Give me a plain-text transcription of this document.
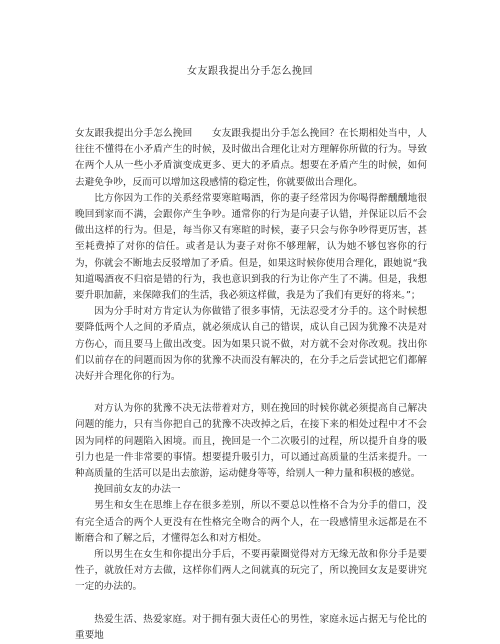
女友跟我提出分手怎么挽回

女友跟我提出分手怎么挽回　　女友跟我提出分手怎么挽回？在长期相处当中，人往往不懂得在小矛盾产生的时候，及时做出合理化让对方理解你所做的行为。导致在两个人从一些小矛盾演变成更多、更大的矛盾点。想要在矛盾产生的时候，如何去避免争吵，反而可以增加这段感情的稳定性，你就要做出合理化。

比方你因为工作的关系经常要寒暄喝酒，你的妻子经常因为你喝得醉醺醺地很晚回到家而不满，会跟你产生争吵。通常你的行为是向妻子认错，并保证以后不会做出这样的行为。但是，每当你又有寒暄的时候，妻子只会与你争吵得更厉害，甚至耗费掉了对你的信任。或者是认为妻子对你不够理解，认为她不够包容你的行为，你就会不断地去反驳增加了矛盾。但是，如果这时候你使用合理化，跟她说“我知道喝酒夜不归宿是错的行为，我也意识到我的行为让你产生了不满。但是，我想要升职加薪，来保障我们的生活，我必须这样做，我是为了我们有更好的将来。”；

因为分手时对方肯定认为你做错了很多事情，无法忍受才分手的。这个时候想要降低两个人之间的矛盾点，就必须成认自己的错误，成认自己因为犹豫不决是对方伤心，而且要马上做出改变。因为如果只说不做，对方就不会对你改观。找出你们以前存在的问题而因为你的犹豫不决而没有解决的，在分手之后尝试把它们都解决好并合理化你的行为。

对方认为你的犹豫不决无法带着对方，则在挽回的时候你就必须提高自己解决问题的能力，只有当你把自己的犹豫不决改掉之后，在接下来的相处过程中才不会因为同样的问题陷入困境。而且，挽回是一个二次吸引的过程，所以提升自身的吸引力也是一件非常要的事情。想要提升吸引力，可以通过高质量的生活来提升。一种高质量的生活可以是出去旅游，运动健身等等，给别人一种力量和积极的感觉。

挽回前女友的办法一

男生和女生在思维上存在很多差别，所以不要总以性格不合为分手的借口，没有完全适合的两个人更没有在性格完全吻合的两个人，在一段感情里永远都是在不断磨合和了解之后，才懂得怎么和对方相处。

所以男生在女生和你提出分手后，不要再蒙圈觉得对方无缘无故和你分手是要性子，就放任对方去做，这样你们两人之间就真的玩完了，所以挽回女友是要讲究一定的办法的。

热爱生活、热爱家庭。对于拥有强大责任心的男性，家庭永远占据无与伦比的重要地
